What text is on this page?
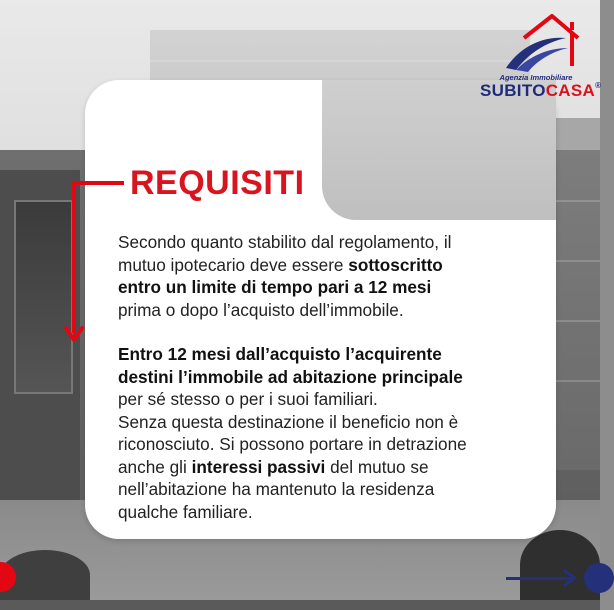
REQUISITI
Secondo quanto stabilito dal regolamento, il
mutuo ipotecario deve essere sottoscritto
entro un limite di tempo pari a 12 mesi
prima o dopo l’acquisto dell’immobile.
Entro 12 mesi dall’acquisto l’acquirente
destini l’immobile ad abitazione principale
per sé stesso o per i suoi familiari.
Senza questa destinazione il beneficio non è
riconosciuto. Si possono portare in detrazione
anche gli interessi passivi del mutuo se
nell’abitazione ha mantenuto la residenza
qualche familiare.
Agenzia Immobiliare
SUBITOCASA®
